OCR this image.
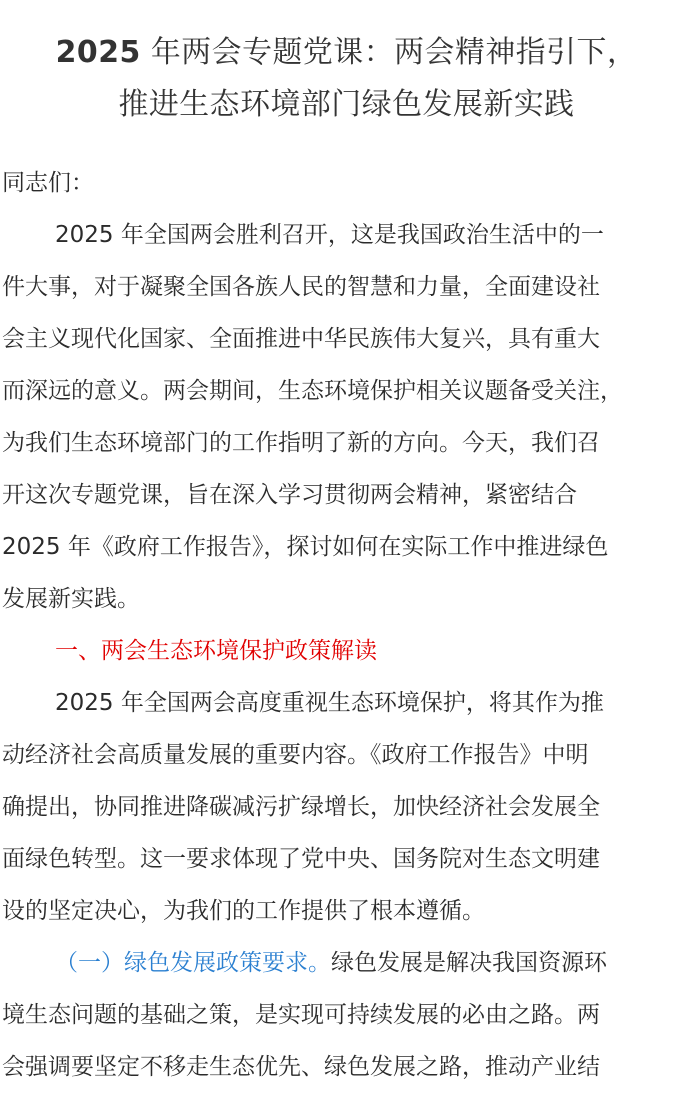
2025 年两会专题党课：两会精神指引下，
推进生态环境部门绿色发展新实践
同志们：
2025 年全国两会胜利召开，这是我国政治生活中的一
件大事，对于凝聚全国各族人民的智慧和力量，全面建设社
会主义现代化国家、全面推进中华民族伟大复兴，具有重大
而深远的意义。两会期间，生态环境保护相关议题备受关注，
为我们生态环境部门的工作指明了新的方向。今天，我们召
开这次专题党课，旨在深入学习贯彻两会精神，紧密结合
2025 年《政府工作报告》，探讨如何在实际工作中推进绿色
发展新实践。
一、两会生态环境保护政策解读
2025 年全国两会高度重视生态环境保护，将其作为推
动经济社会高质量发展的重要内容。《政府工作报告》中明
确提出，协同推进降碳减污扩绿增长，加快经济社会发展全
面绿色转型。这一要求体现了党中央、国务院对生态文明建
设的坚定决心，为我们的工作提供了根本遵循。
（一）绿色发展政策要求。绿色发展是解决我国资源环
境生态问题的基础之策，是实现可持续发展的必由之路。两
会强调要坚定不移走生态优先、绿色发展之路，推动产业结
